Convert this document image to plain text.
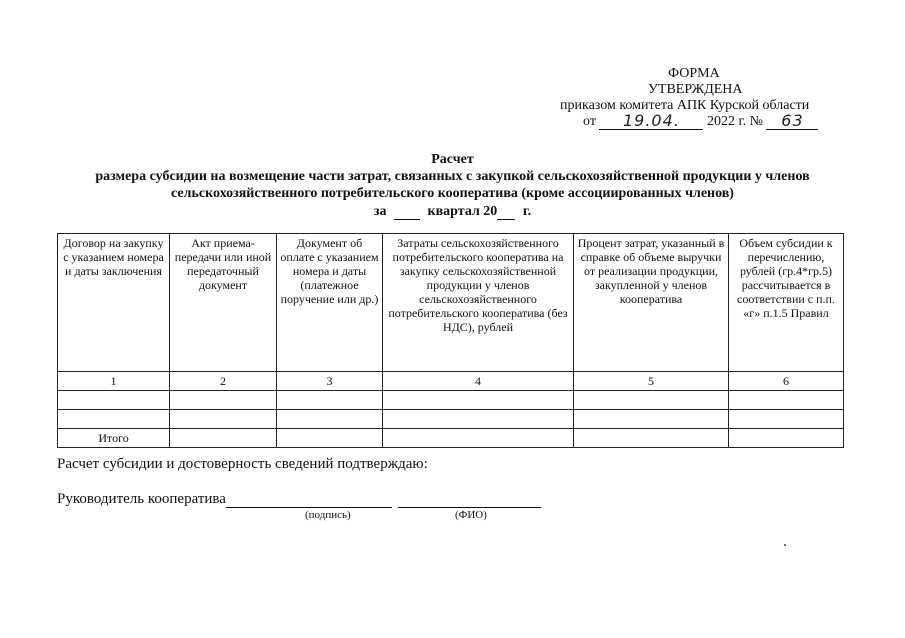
ФОРМА
УТВЕРЖДЕНА
приказом комитета АПК Курской области
от 19.04. 2022 г. № 63
Расчет
размера субсидии на возмещение части затрат, связанных с закупкой сельскохозяйственной продукции у членов
сельскохозяйственного потребительского кооператива (кроме ассоциированных членов)
за	квартал 20 г.
Договор на закупку с указанием номера и даты заключения	Акт приема-передачи или иной передаточный документ	Документ об оплате с указанием номера и даты (платежное поручение или др.)	Затраты сельскохозяйственного потребительского кооператива на закупку сельскохозяйственной продукции у членов сельскохозяйственного потребительского кооператива (без НДС), рублей	Процент затрат, указанный в справке об объеме выручки от реализации продукции, закупленной у членов кооператива	Объем субсидии к перечислению, рублей (гр.4*гр.5) рассчитывается в соответствии с п.п. «г» п.1.5 Правил
1	2	3	4	5	6

Итого					
Расчет субсидии и достоверность сведений подтверждаю:
Руководитель кооператива
(подпись)	(ФИО)
